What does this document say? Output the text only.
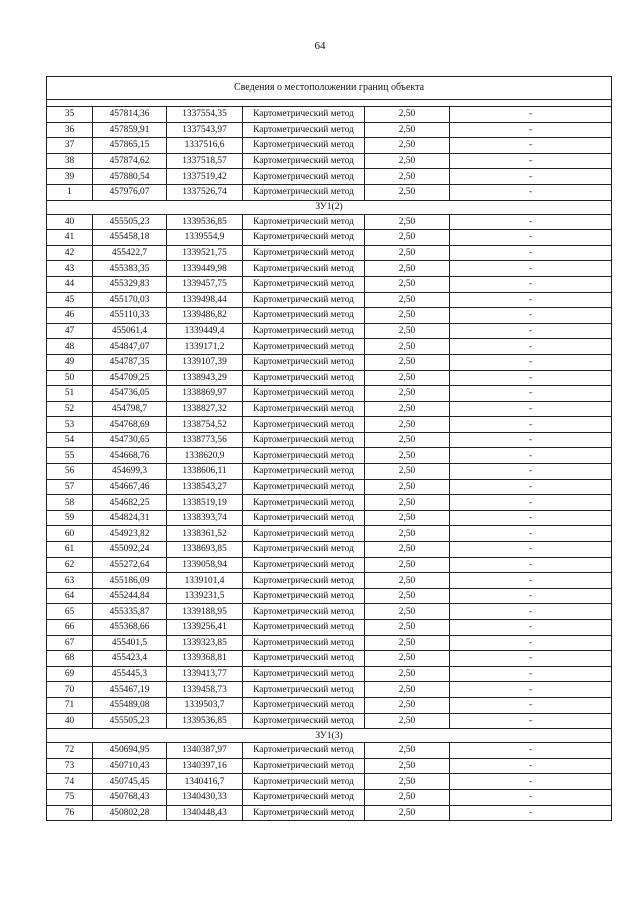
64
Сведения о местоположении границ объекта					

35	457814,36	1337554,35	Картометрический метод	2,50	-
36	457859,91	1337543,97	Картометрический метод	2,50	-
37	457865,15	1337516,6	Картометрический метод	2,50	-
38	457874,62	1337518,57	Картометрический метод	2,50	-
39	457880,54	1337519,42	Картометрический метод	2,50	-
1	457976,07	1337526,74	Картометрический метод	2,50	-
ЗУ1(2)					
40	455505,23	1339536,85	Картометрический метод	2,50	-
41	455458,18	1339554,9	Картометрический метод	2,50	-
42	455422,7	1339521,75	Картометрический метод	2,50	-
43	455383,35	1339449,98	Картометрический метод	2,50	-
44	455329,83	1339457,75	Картометрический метод	2,50	-
45	455170,03	1339498,44	Картометрический метод	2,50	-
46	455110,33	1339486,82	Картометрический метод	2,50	-
47	455061,4	1339449,4	Картометрический метод	2,50	-
48	454847,07	1339171,2	Картометрический метод	2,50	-
49	454787,35	1339107,39	Картометрический метод	2,50	-
50	454709,25	1338943,29	Картометрический метод	2,50	-
51	454736,05	1338869,97	Картометрический метод	2,50	-
52	454798,7	1338827,32	Картометрический метод	2,50	-
53	454768,69	1338754,52	Картометрический метод	2,50	-
54	454730,65	1338773,56	Картометрический метод	2,50	-
55	454668,76	1338620,9	Картометрический метод	2,50	-
56	454699,3	1338606,11	Картометрический метод	2,50	-
57	454667,46	1338543,27	Картометрический метод	2,50	-
58	454682,25	1338519,19	Картометрический метод	2,50	-
59	454824,31	1338393,74	Картометрический метод	2,50	-
60	454923,82	1338361,52	Картометрический метод	2,50	-
61	455092,24	1338693,85	Картометрический метод	2,50	-
62	455272,64	1339058,94	Картометрический метод	2,50	-
63	455186,09	1339101,4	Картометрический метод	2,50	-
64	455244,84	1339231,5	Картометрический метод	2,50	-
65	455335,87	1339188,95	Картометрический метод	2,50	-
66	455368,66	1339256,41	Картометрический метод	2,50	-
67	455401,5	1339323,85	Картометрический метод	2,50	-
68	455423,4	1339368,81	Картометрический метод	2,50	-
69	455445,3	1339413,77	Картометрический метод	2,50	-
70	455467,19	1339458,73	Картометрический метод	2,50	-
71	455489,08	1339503,7	Картометрический метод	2,50	-
40	455505,23	1339536,85	Картометрический метод	2,50	-
ЗУ1(3)					
72	450694,95	1340387,97	Картометрический метод	2,50	-
73	450710,43	1340397,16	Картометрический метод	2,50	-
74	450745,45	1340416,7	Картометрический метод	2,50	-
75	450768,43	1340430,33	Картометрический метод	2,50	-
76	450802,28	1340448,43	Картометрический метод	2,50	-
